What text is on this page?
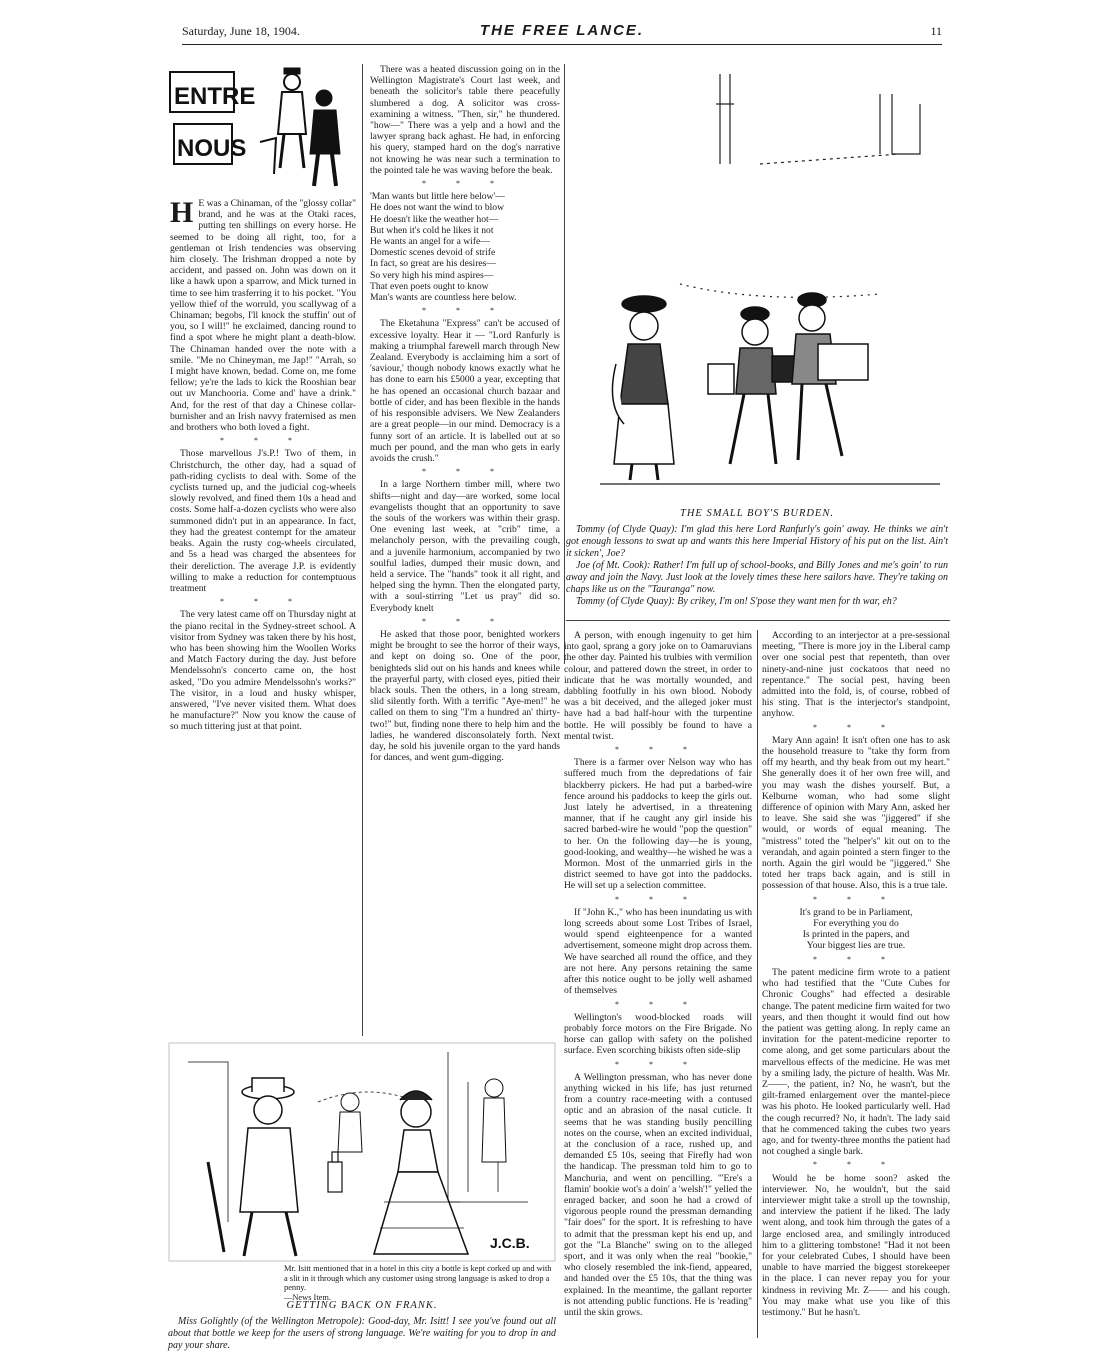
Saturday, June 18, 1904.	THE FREE LANCE.	11
ENTRE
NOUS

H E was a Chinaman, of the "glossy collar" brand, and he was at the Otaki races, putting ten shillings on every horse. He seemed to be doing all right, too, for a gentleman ot Irish tendencies was observing him closely. The Irishman dropped a note by accident, and passed on. John was down on it like a hawk upon a sparrow, and Mick turned in time to see him trasferring it to his pocket. "You yellow thief of the worruld, you scallywag of a Chinaman; begobs, I'll knock the stuffin' out of you, so I will!" he exclaimed, dancing round to find a spot where he might plant a death-blow. The Chinaman handed over the note with a smile. "Me no Chineyman, me Jap!" "Arrah, so I might have known, bedad. Come on, me fome fellow; ye're the lads to kick the Rooshian bear out uv Manchooria. Come and' have a drink." And, for the rest of that day a Chinese collar-burnisher and an Irish navvy fraternised as men and brothers who both loved a fight.

* * *

Those marvellous J's.P.! Two of them, in Christchurch, the other day, had a squad of path-riding cyclists to deal with. Some of the cyclists turned up, and the judicial cog-wheels slowly revolved, and fined them 10s a head and costs. Some half-a-dozen cyclists who were also summoned didn't put in an appearance. In fact, they had the greatest contempt for the amateur beaks. Again the rusty cog-wheels circulated, and 5s a head was charged the absentees for their dereliction. The average J.P. is evidently willing to make a reduction for contemptuous treatment

* * *

The very latest came off on Thursday night at the piano recital in the Sydney-street school. A visitor from Sydney was taken there by his host, who has been showing him the Woollen Works and Match Factory during the day. Just before Mendelssohn's concerto came on, the host asked, "Do you admire Mendelssohn's works?" The visitor, in a loud and husky whisper, answered, "I've never visited them. What does he manufacture?" Now you know the cause of so much tittering just at that point.

There was a heated discussion going on in the Wellington Magistrate's Court last week, and beneath the solicitor's table there peacefully slumbered a dog. A solicitor was cross-examining a witness. "Then, sir," he thundered. "how—" There was a yelp and a howl and the lawyer sprang back aghast. He had, in enforcing his query, stamped hard on the dog's narrative not knowing he was near such a termination to the pointed tale he was waving before the beak.

* * *
'Man wants but little here below'—
He does not want the wind to blow
He doesn't like the weather hot—
But when it's cold he likes it not
He wants an angel for a wife—
Domestic scenes devoid of strife
In fact, so great are his desires—
So very high his mind aspires—
That even poets ought to know
Man's wants are countless here below.
* * *

The Eketahuna "Express" can't be accused of excessive loyalty. Hear it — "Lord Ranfurly is making a triumphal farewell march through New Zealand. Everybody is acclaiming him a sort of 'saviour,' though nobody knows exactly what he has done to earn his £5000 a year, excepting that he has opened an occasional church bazaar and bottle of cider, and has been flexible in the hands of his responsible advisers. We New Zealanders are a great people—in our mind. Democracy is a funny sort of an article. It is labelled out at so much per pound, and the man who gets in early avoids the crush."

* * *

In a large Northern timber mill, where two shifts—night and day—are worked, some local evangelists thought that an opportunity to save the souls of the workers was within their grasp. One evening last week, at "crib" time, a melancholy person, with the prevailing cough, and a juvenile harmonium, accompanied by two soulful ladies, dumped their music down, and held a service. The "hands" took it all right, and helped sing the hymn. Then the elongated party, with a soul-stirring "Let us pray" did so. Everybody knelt

* * *

He asked that those poor, benighted workers might be brought to see the horror of their ways, and kept on doing so. One of the poor, benighteds slid out on his hands and knees while the prayerful party, with closed eyes, pitied their black souls. Then the others, in a long stream, slid silently forth. With a terrific "Aye-men!" he called on them to sing "I'm a hundred an' thirty-two!" but, finding none there to help him and the ladies, he wandered disconsolately forth. Next day, he sold his juvenile organ to the yard hands for dances, and went gum-digging.

THE SMALL BOY'S BURDEN.

Tommy (of Clyde Quay): I'm glad this here Lord Ranfurly's goin' away. He thinks we ain't got enough lessons to swat up and wants this here Imperial History of his put on the list. Ain't it sicken', Joe?

Joe (of Mt. Cook): Rather! I'm full up of school-books, and Billy Jones and me's goin' to run away and join the Navy. Just look at the lovely times these here sailors have. They're taking on chaps like us on the "Tauranga" now.

Tommy (of Clyde Quay): By crikey, I'm on! S'pose they want men for th war, eh?

J.C.B.
Mr. Isitt mentioned that in a hotel in this city a bottle is kept corked up and with a slit in it through which any customer using strong language is asked to drop a penny.
—News Item.
GETTING BACK ON FRANK.

Miss Golightly (of the Wellington Metropole): Good-day, Mr. Isitt! I see you've found out all about that bottle we keep for the users of strong language. We're waiting for you to drop in and pay your share.

A person, with enough ingenuity to get him into gaol, sprang a gory joke on to Oamaruvians the other day. Painted his trulbies with vermilion colour, and pattered down the street, in order to indicate that he was mortally wounded, and dabbling footfully in his own blood. Nobody was a bit deceived, and the alleged joker must have had a bad half-hour with the turpentine bottle. He will possibly be found to have a mental twist.

* * *

There is a farmer over Nelson way who has suffered much from the depredations of fair blackberry pickers. He had put a barbed-wire fence around his paddocks to keep the girls out. Just lately he advertised, in a threatening manner, that if he caught any girl inside his sacred barbed-wire he would "pop the question" to her. On the following day—he is young, good-looking, and wealthy—he wished he was a Mormon. Most of the unmarried girls in the district seemed to have got into the paddocks. He will set up a selection committee.

* * *

If "John K.," who has been inundating us with long screeds about some Lost Tribes of Israel, would spend eighteenpence for a wanted advertisement, someone might drop across them. We have searched all round the office, and they are not here. Any persons retaining the same after this notice ought to be jolly well ashamed of themselves

* * *

Wellington's wood-blocked roads will probably force motors on the Fire Brigade. No horse can gallop with safety on the polished surface. Even scorching bikists often side-slip

* * *

A Wellington pressman, who has never done anything wicked in his life, has just returned from a country race-meeting with a contused optic and an abrasion of the nasal cuticle. It seems that he was standing busily pencilling notes on the course, when an excited individual, at the conclusion of a race, rushed up, and demanded £5 10s, seeing that Firefly had won the handicap. The pressman told him to go to Manchuria, and went on pencilling. "'Ere's a flamin' bookie wot's a doin' a 'welsh'!" yelled the enraged backer, and soon he had a crowd of vigorous people round the pressman demanding "fair does" for the sport. It is refreshing to have to admit that the pressman kept his end up, and got the "La Blanche" swing on to the alleged sport, and it was only when the real "bookie," who closely resembled the ink-fiend, appeared, and handed over the £5 10s, that the thing was explained. In the meantime, the gallant reporter is not attending public functions. He is 'reading" until the skin grows.

According to an interjector at a pre-sessional meeting, "There is more joy in the Liberal camp over one social pest that repenteth, than over ninety-and-nine just cockatoos that need no repentance." The social pest, having been admitted into the fold, is, of course, robbed of his sting. That is the interjector's standpoint, anyhow.

* * *

Mary Ann again! It isn't often one has to ask the household treasure to "take thy form from off my hearth, and thy beak from out my heart." She generally does it of her own free will, and you may wash the dishes yourself. But, a Kelburne woman, who had some slight difference of opinion with Mary Ann, asked her to leave. She said she was "jiggered" if she would, or words of equal meaning. The "mistress" toted the "helper's" kit out on to the verandah, and again pointed a stern finger to the north. Again the girl would be "jiggered." She toted her traps back again, and is still in possession of that house. Also, this is a true tale.

* * *
It's grand to be in Parliament,
For everything you do
Is printed in the papers, and
Your biggest lies are true.
* * *

The patent medicine firm wrote to a patient who had testified that the "Cute Cubes for Chronic Coughs" had effected a desirable change. The patent medicine firm waited for two years, and then thought it would find out how the patient was getting along. In reply came an invitation for the patent-medicine reporter to come along, and get some particulars about the marvellous effects of the medicine. He was met by a smiling lady, the picture of health. Was Mr. Z——, the patient, in? No, he wasn't, but the gilt-framed enlargement over the mantel-piece was his photo. He looked particularly well. Had the cough recurred? No, it hadn't. The lady said that he commenced taking the cubes two years ago, and for twenty-three months the patient had not coughed a single bark.

* * *

Would he be home soon? asked the interviewer. No, he wouldn't, but the said interviewer might take a stroll up the township, and interview the patient if he liked. The lady went along, and took him through the gates of a large enclosed area, and smilingly introduced him to a glittering tombstone! "Had it not been for your celebrated Cubes, I should have been unable to have married the biggest storekeeper in the place. I can never repay you for your kindness in reviving Mr. Z—— and his cough. You may make what use you like of this testimony." But he hasn't.
